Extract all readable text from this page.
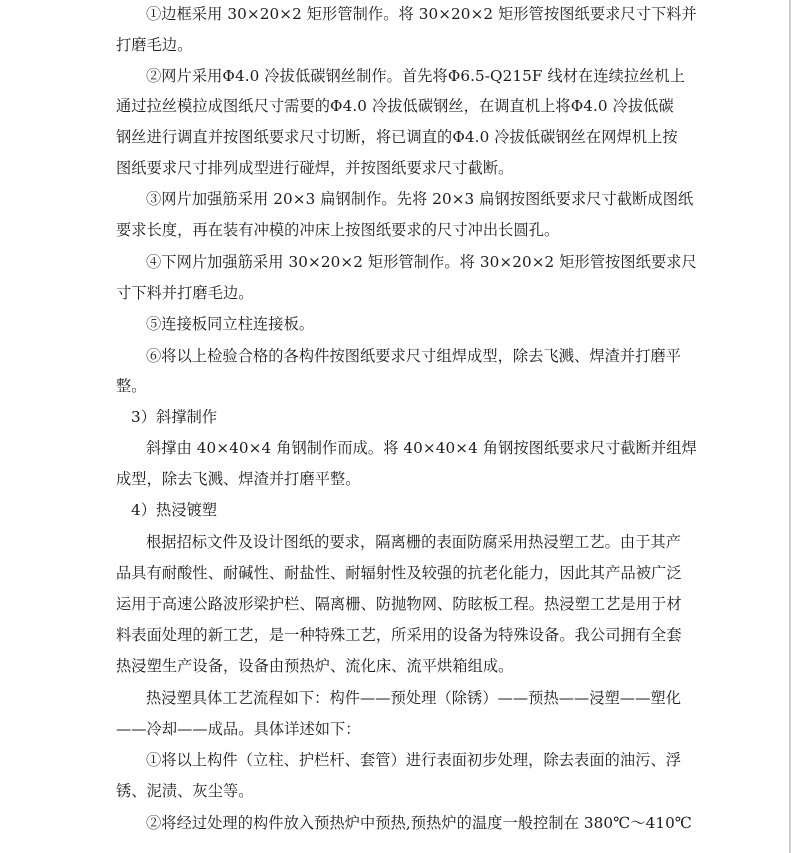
①边框采用 30×20×2 矩形管制作。将 30×20×2 矩形管按图纸要求尺寸下料并
打磨毛边。
②网片采用Φ4.0 冷拔低碳钢丝制作。首先将Φ6.5-Q215F 线材在连续拉丝机上
通过拉丝模拉成图纸尺寸需要的Φ4.0 冷拔低碳钢丝，在调直机上将Φ4.0 冷拔低碳
钢丝进行调直并按图纸要求尺寸切断，将已调直的Φ4.0 冷拔低碳钢丝在网焊机上按
图纸要求尺寸排列成型进行碰焊，并按图纸要求尺寸截断。
③网片加强筋采用 20×3 扁钢制作。先将 20×3 扁钢按图纸要求尺寸截断成图纸
要求长度，再在装有冲模的冲床上按图纸要求的尺寸冲出长圆孔。
④下网片加强筋采用 30×20×2 矩形管制作。将 30×20×2 矩形管按图纸要求尺
寸下料并打磨毛边。
⑤连接板同立柱连接板。
⑥将以上检验合格的各构件按图纸要求尺寸组焊成型，除去飞溅、焊渣并打磨平
整。
3）斜撑制作
斜撑由 40×40×4 角钢制作而成。将 40×40×4 角钢按图纸要求尺寸截断并组焊
成型，除去飞溅、焊渣并打磨平整。
4）热浸镀塑
根据招标文件及设计图纸的要求，隔离栅的表面防腐采用热浸塑工艺。由于其产
品具有耐酸性、耐碱性、耐盐性、耐辐射性及较强的抗老化能力，因此其产品被广泛
运用于高速公路波形梁护栏、隔离栅、防抛物网、防眩板工程。热浸塑工艺是用于材
料表面处理的新工艺，是一种特殊工艺，所采用的设备为特殊设备。我公司拥有全套
热浸塑生产设备，设备由预热炉、流化床、流平烘箱组成。
热浸塑具体工艺流程如下：构件——预处理（除锈）——预热——浸塑——塑化
——冷却——成品。具体详述如下：
①将以上构件（立柱、护栏杆、套管）进行表面初步处理，除去表面的油污、浮
锈、泥渍、灰尘等。
②将经过处理的构件放入预热炉中预热,预热炉的温度一般控制在 380℃～410℃
